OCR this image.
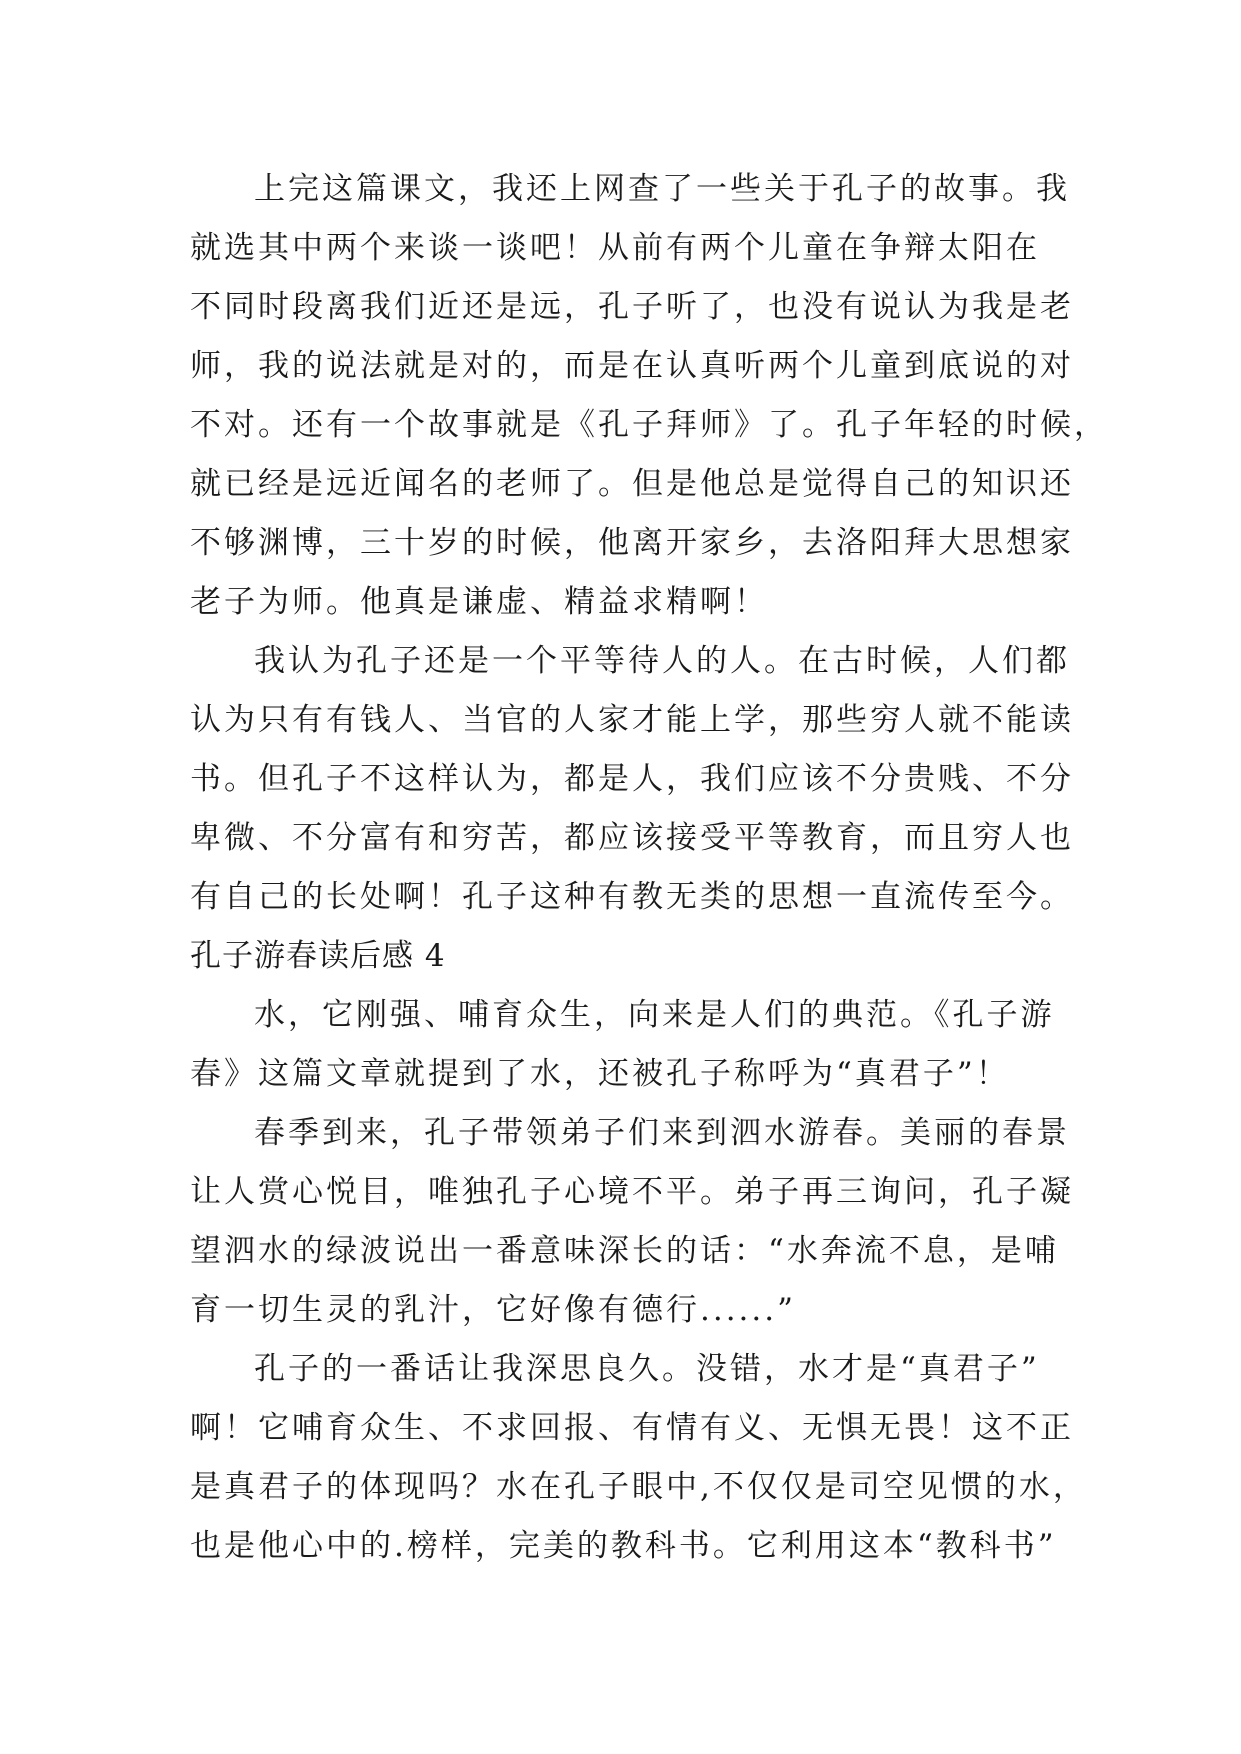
上完这篇课文，我还上网查了一些关于孔子的故事。我
就选其中两个来谈一谈吧！从前有两个儿童在争辩太阳在
不同时段离我们近还是远，孔子听了，也没有说认为我是老
师，我的说法就是对的，而是在认真听两个儿童到底说的对
不对。还有一个故事就是《孔子拜师》了。孔子年轻的时候，
就已经是远近闻名的老师了。但是他总是觉得自己的知识还
不够渊博，三十岁的时候，他离开家乡，去洛阳拜大思想家
老子为师。他真是谦虚、精益求精啊！
我认为孔子还是一个平等待人的人。在古时候，人们都
认为只有有钱人、当官的人家才能上学，那些穷人就不能读
书。但孔子不这样认为，都是人，我们应该不分贵贱、不分
卑微、不分富有和穷苦，都应该接受平等教育，而且穷人也
有自己的长处啊！孔子这种有教无类的思想一直流传至今。
孔子游春读后感 4
水，它刚强、哺育众生，向来是人们的典范。《孔子游
春》这篇文章就提到了水，还被孔子称呼为“真君子”！
春季到来，孔子带领弟子们来到泗水游春。美丽的春景
让人赏心悦目，唯独孔子心境不平。弟子再三询问，孔子凝
望泗水的绿波说出一番意味深长的话：“水奔流不息，是哺
育一切生灵的乳汁，它好像有德行......”
孔子的一番话让我深思良久。没错，水才是“真君子”
啊！它哺育众生、不求回报、有情有义、无惧无畏！这不正
是真君子的体现吗？水在孔子眼中,不仅仅是司空见惯的水，
也是他心中的.榜样，完美的教科书。它利用这本“教科书”
